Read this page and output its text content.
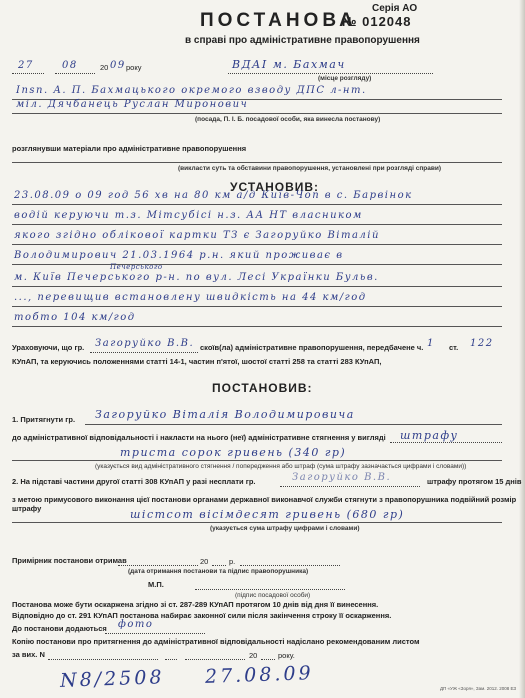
ПОСТАНОВА
Серія АО
№ 012048
в справі про адміністративне правопорушення
27	08	20 09 року	ВДАІ м. Бахмач
(місце розгляду)
Insп. А. П. Бахмацького окремого взводу ДПС л-нт.
міл. Дячбанець Руслан Миронович
(посада, П. І. Б. посадової особи, яка винесла постанову)
розглянувши матеріали про адміністративне правопорушення
(викласти суть та обставини правопорушення, установлені при розгляді справи)
УСТАНОВИВ:
23.08.09 о 09 год 56 хв на 80 км а/д Київ-Чоп в с. Барвінок
водій керуючи т.з. Мітсубісі н.з. АА НТ власником
якого згідно облікової картки ТЗ є Загоруйко Віталій
Володимирович 21.03.1964 р.н. який проживає в
Печерського
м. Київ Печерського р-н. по вул. Лесі Українки Бульв.
..., перевищив встановлену швидкість на 44 км/год
тобто 104 км/год
Ураховуючи, що гр. Загоруйко В.В. скоїв(ла) адміністративне правопорушення, передбачене ч. 1 ст. 122
КУпАП, та керуючись положеннями статті 14-1, частин п'ятої, шостої статті 258 та статті 283 КУпАП,
ПОСТАНОВИВ:
1. Притягнути гр. Загоруйко Віталія Володимировича
до адміністративної відповідальності і накласти на нього (неї) адміністративне стягнення у вигляді штрафу
триста сорок гривень (340 гр)
(указується вид адміністративного стягнення / попередження або штраф (сума штрафу зазначається цифрами і словами))
2. На підставі частини другої статті 308 КУпАП у разі несплати гр.	Загоруйко В.В.	штрафу протягом 15 днів
з метою примусового виконання цієї постанови органами державної виконавчої служби стягнути з правопорушника подвійний розмір штрафу	шістсот вісімдесят гривень (680 гр)
(указується сума штрафу цифрами і словами)
Примірник постанови отримав	20	р.
(дата отримання постанови та підпис правопорушника)
М.П.
(підпис посадової особи)
Постанова може бути оскаржена згідно зі ст. 287-289 КУпАП протягом 10 днів від дня її винесення.
Відповідно до ст. 291 КУпАП постанова набирає законної сили після закінчення строку її оскарження.
До постанови додаються фото
Копію постанови про притягнення до адміністративної відповідальності надіслано рекомендованим листом
за вих. N	20	року.
N8/2508 27.08.09
ДП «УЖ «Зоря», Зам. 2012. 2008 ЕЗ
